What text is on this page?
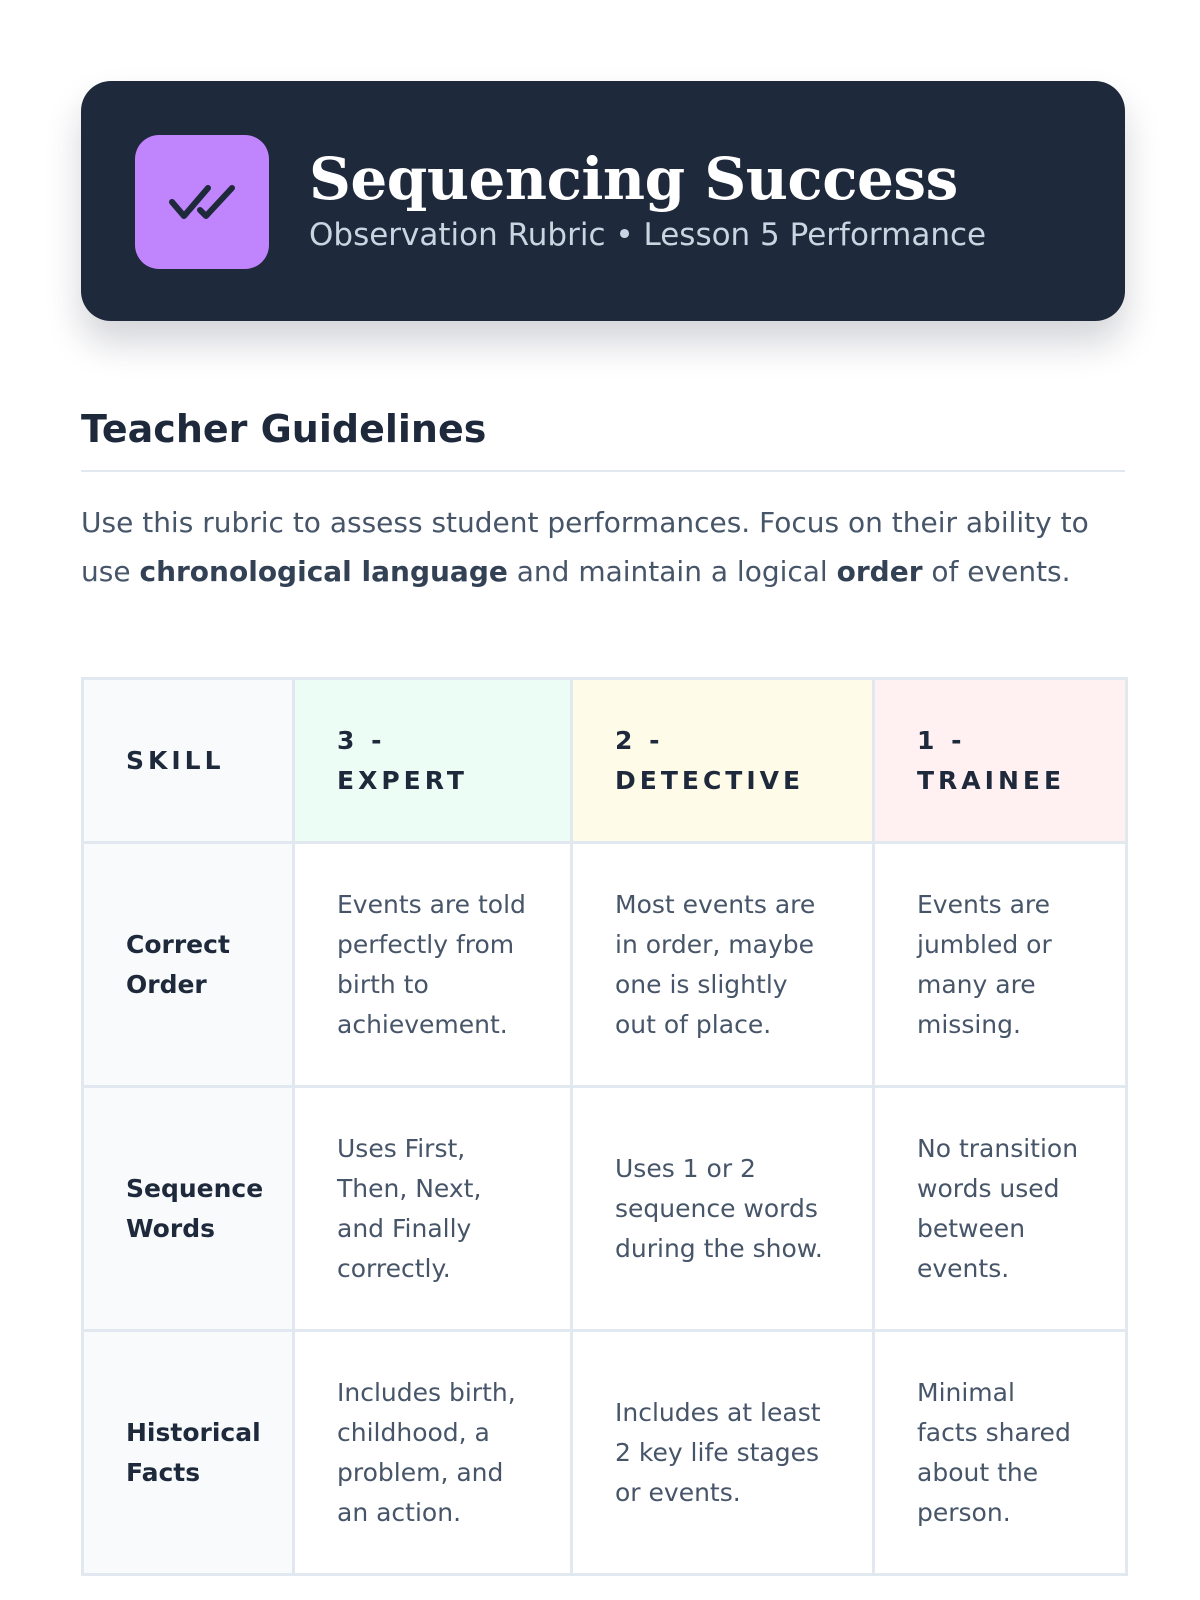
Sequencing Success
Observation Rubric • Lesson 5 Performance
Teacher Guidelines
Use this rubric to assess student performances. Focus on their ability to use chronological language and maintain a logical order of events.
SKILL	3 - EXPERT	2 - DETECTIVE	1 - TRAINEE
Correct Order	Events are told perfectly from birth to achievement.	Most events are in order, maybe one is slightly out of place.	Events are jumbled or many are missing.
Sequence Words	Uses First, Then, Next, and Finally correctly.	Uses 1 or 2 sequence words during the show.	No transition words used between events.
Historical Facts	Includes birth, childhood, a problem, and an action.	Includes at least 2 key life stages or events.	Minimal facts shared about the person.
